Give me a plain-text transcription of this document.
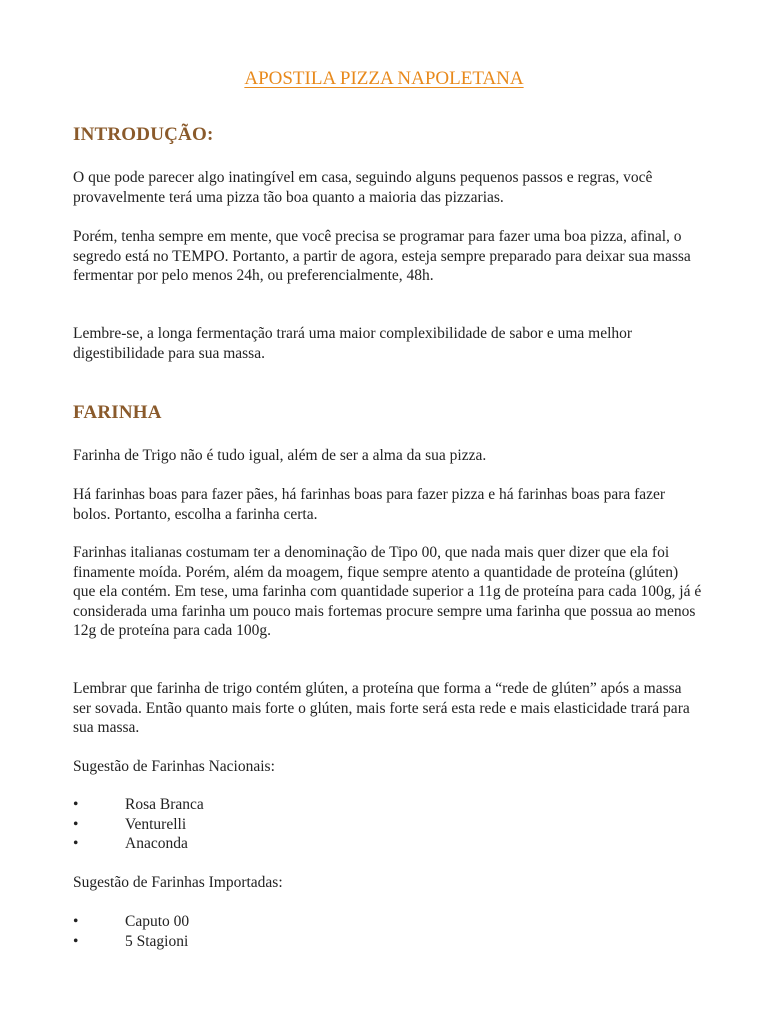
APOSTILA PIZZA NAPOLETANA
INTRODUÇÃO:

O que pode parecer algo inatingível em casa, seguindo alguns pequenos passos e regras, você provavelmente terá uma pizza tão boa quanto a maioria das pizzarias.

Porém, tenha sempre em mente, que você precisa se programar para fazer uma boa pizza, afinal, o segredo está no TEMPO. Portanto, a partir de agora, esteja sempre preparado para deixar sua massa fermentar por pelo menos 24h, ou preferencialmente, 48h.

Lembre-se, a longa fermentação trará uma maior complexibilidade de sabor e uma melhor digestibilidade para sua massa.

FARINHA

Farinha de Trigo não é tudo igual, além de ser a alma da sua pizza.

Há farinhas boas para fazer pães, há farinhas boas para fazer pizza e há farinhas boas para fazer bolos. Portanto, escolha a farinha certa.

Farinhas italianas costumam ter a denominação de Tipo 00, que nada mais quer dizer que ela foi finamente moída. Porém, além da moagem, fique sempre atento a quantidade de proteína (glúten) que ela contém. Em tese, uma farinha com quantidade superior a 11g de proteína para cada 100g, já é considerada uma farinha um pouco mais fortemas procure sempre uma farinha que possua ao menos 12g de proteína para cada 100g.

Lembrar que farinha de trigo contém glúten, a proteína que forma a “rede de glúten” após a massa ser sovada. Então quanto mais forte o glúten, mais forte será esta rede e mais elasticidade trará para sua massa.

Sugestão de Farinhas Nacionais:

•	Rosa Branca
•	Venturelli
•	Anaconda

Sugestão de Farinhas Importadas:

•	Caputo 00
•	5 Stagioni
